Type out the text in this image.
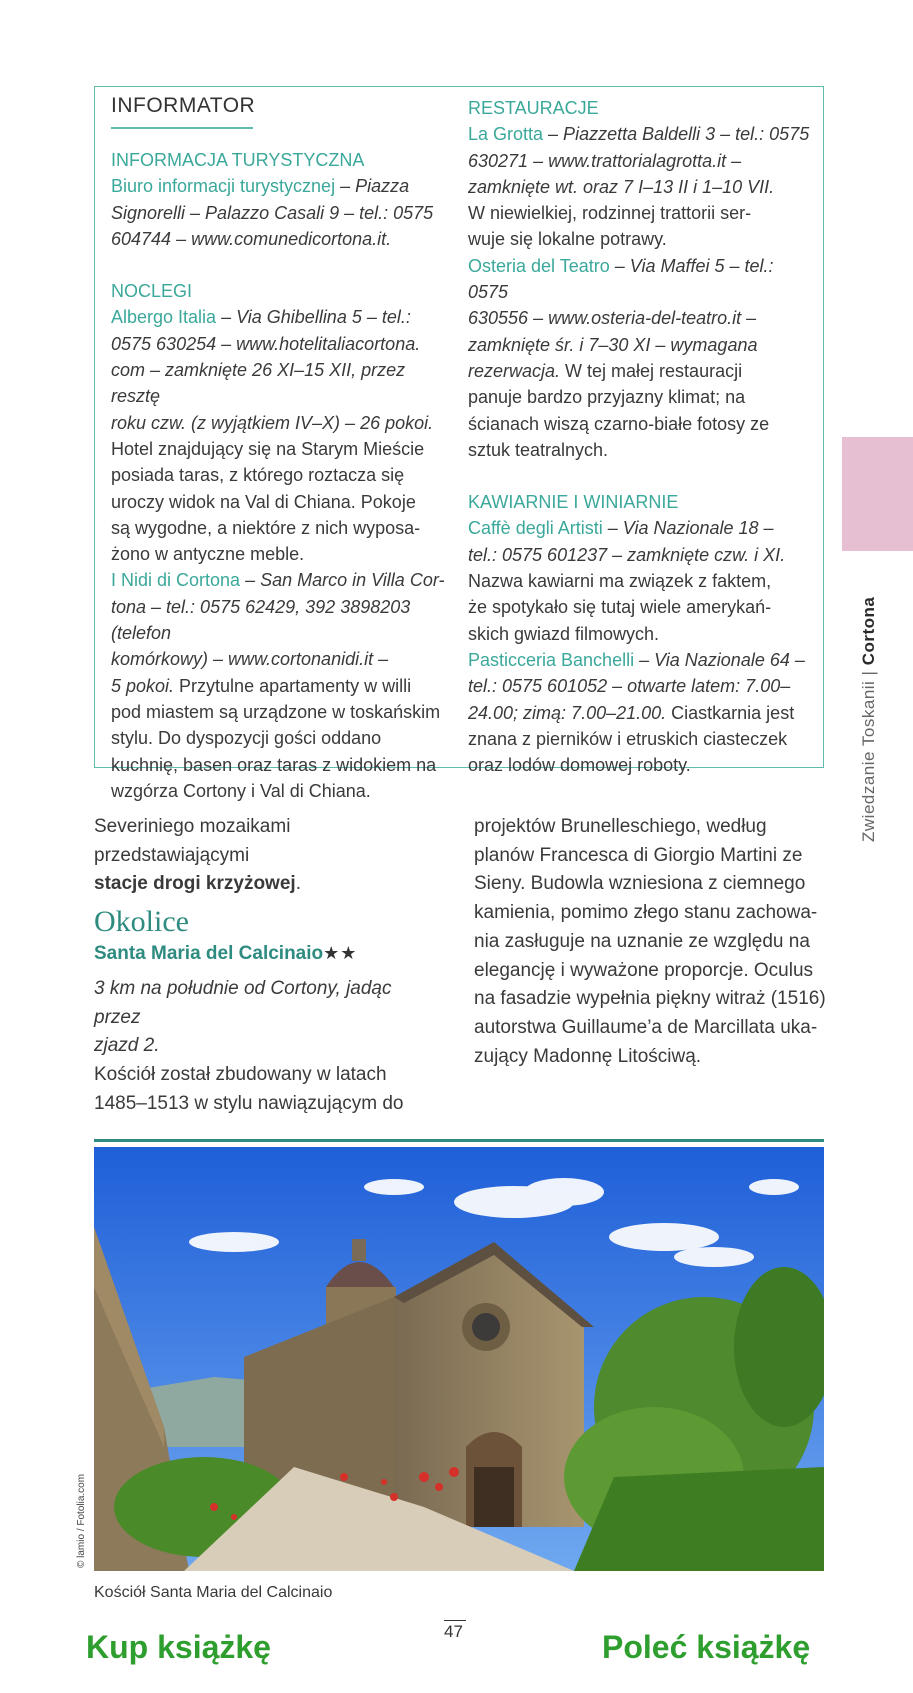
INFORMATOR

INFORMACJA TURYSTYCZNA

Biuro informacji turystycznej – Piazza

Signorelli – Palazzo Casali 9 – tel.: 0575

604744 – www.comunedicortona.it.

NOCLEGI

Albergo Italia – Via Ghibellina 5 – tel.:

0575 630254 – www.hotelitaliacortona.

com – zamknięte 26 XI–15 XII, przez resztę

roku czw. (z wyjątkiem IV–X) – 26 pokoi.

Hotel znajdujący się na Starym Mieście

posiada taras, z którego roztacza się

uroczy widok na Val di Chiana. Pokoje

są wygodne, a niektóre z nich wyposa-

żono w antyczne meble.

I Nidi di Cortona – San Marco in Villa Cor-

tona – tel.: 0575 62429, 392 3898203 (telefon

komórkowy) – www.cortonanidi.it –

5 pokoi. Przytulne apartamenty w willi

pod miastem są urządzone w toskańskim

stylu. Do dyspozycji gości oddano

kuchnię, basen oraz taras z widokiem na

wzgórza Cortony i Val di Chiana.

RESTAURACJE

La Grotta – Piazzetta Baldelli 3 – tel.: 0575

630271 – www.trattorialagrotta.it –

zamknięte wt. oraz 7 I–13 II i 1–10 VII.

W niewielkiej, rodzinnej trattorii ser-

wuje się lokalne potrawy.

Osteria del Teatro – Via Maffei 5 – tel.: 0575

630556 – www.osteria-del-teatro.it –

zamknięte śr. i 7–30 XI – wymagana

rezerwacja. W tej małej restauracji

panuje bardzo przyjazny klimat; na

ścianach wiszą czarno-białe fotosy ze

sztuk teatralnych.

KAWIARNIE I WINIARNIE

Caffè degli Artisti – Via Nazionale 18 –

tel.: 0575 601237 – zamknięte czw. i XI.

Nazwa kawiarni ma związek z faktem,

że spotykało się tutaj wiele amerykań-

skich gwiazd filmowych.

Pasticceria Banchelli – Via Nazionale 64 –

tel.: 0575 601052 – otwarte latem: 7.00–

24.00; zimą: 7.00–21.00. Ciastkarnia jest

znana z pierników i etruskich ciasteczek

oraz lodów domowej roboty.

Severiniego mozaikami przedstawiającymi

stacje drogi krzyżowej.

Okolice

Santa Maria del Calcinaio★★

3 km na południe od Cortony, jadąc przez

zjazd 2.

Kościół został zbudowany w latach

1485–1513 w stylu nawiązującym do

projektów Brunelleschiego, według

planów Francesca di Giorgio Martini ze

Sieny. Budowla wzniesiona z ciemnego

kamienia, pomimo złego stanu zachowa-

nia zasługuje na uznanie ze względu na

elegancję i wyważone proporcje. Oculus

na fasadzie wypełnia piękny witraż (1516)

autorstwa Guillaume’a de Marcillata uka-

zujący Madonnę Litościwą.

© lamio / Fotolia.com
Kościół Santa Maria del Calcinaio
47
Kup książkę	Poleć książkę
Zwiedzanie Toskanii | Cortona
